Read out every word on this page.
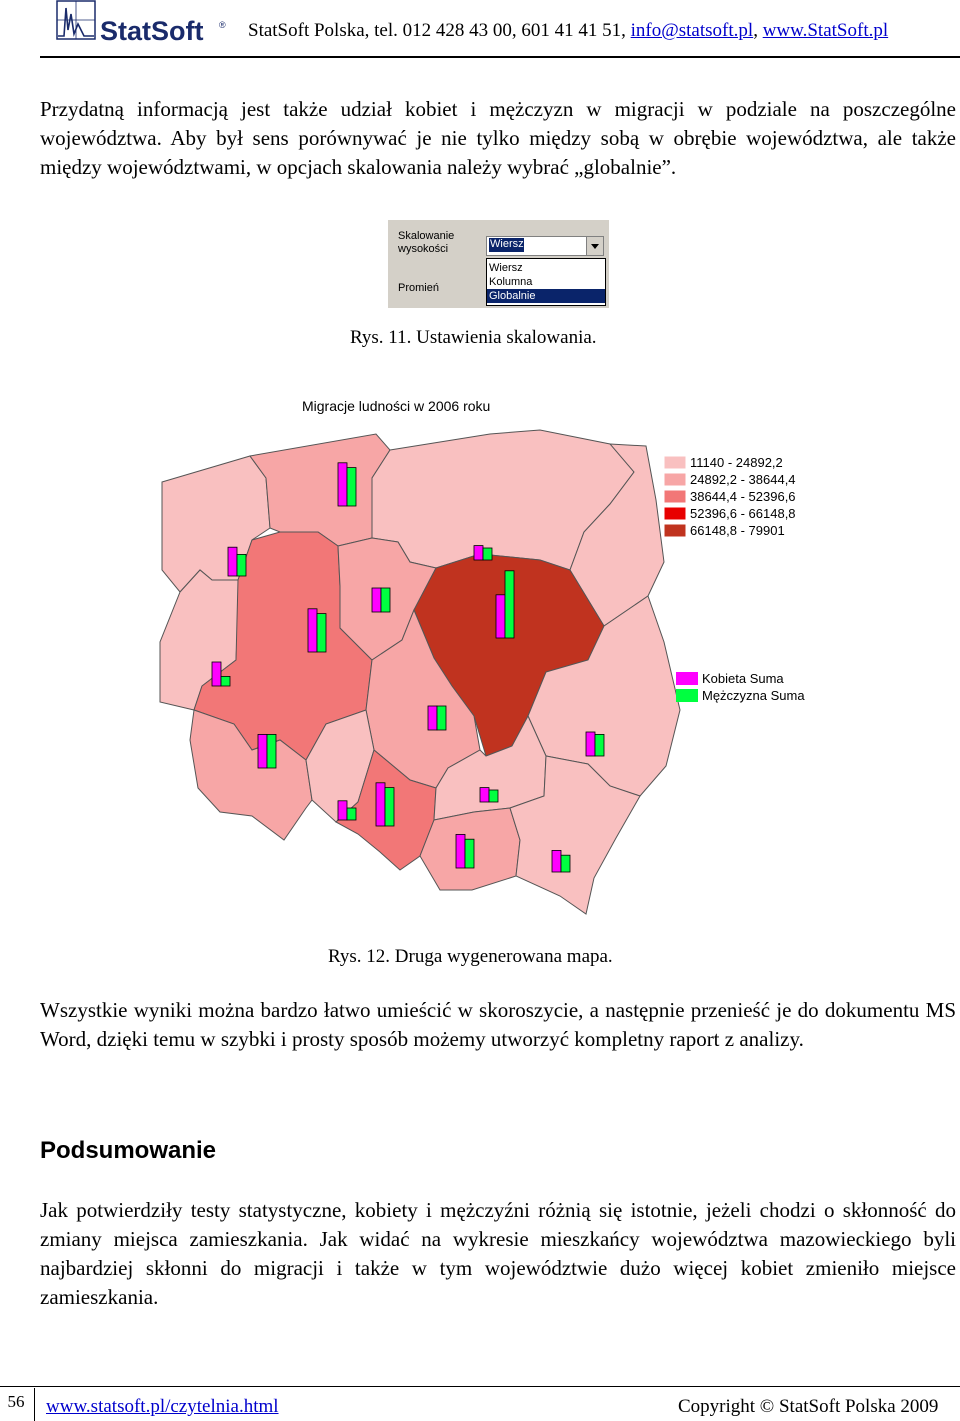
StatSoft ® StatSoft Polska, tel. 012 428 43 00, 601 41 41 51, info@statsoft.pl, www.StatSoft.pl
Przydatną informacją jest także udział kobiet i mężczyzn w migracji w podziale na poszczególne województwa. Aby był sens porównywać je nie tylko między sobą w obrębie województwa, ale także między województwami, w opcjach skalowania należy wybrać „globalnie”.
Skalowanie wysokości
Promień
Wiersz
Wiersz
Kolumna
Globalnie
Rys. 11. Ustawienia skalowania.
Migracje ludności w 2006 roku
11140 - 24892,2
24892,2 - 38644,4
38644,4 - 52396,6
52396,6 - 66148,8
66148,8 - 79901
Kobieta Suma
Mężczyzna Suma
Rys. 12. Druga wygenerowana mapa.
Wszystkie wyniki można bardzo łatwo umieścić w skoroszycie, a następnie przenieść je do dokumentu MS Word, dzięki temu w szybki i prosty sposób możemy utworzyć kompletny raport z analizy.
Podsumowanie
Jak potwierdziły testy statystyczne, kobiety i mężczyźni różnią się istotnie, jeżeli chodzi o skłonność do zmiany miejsca zamieszkania. Jak widać na wykresie mieszkańcy województwa mazowieckiego byli najbardziej skłonni do migracji i także w tym województwie dużo więcej kobiet zmieniło miejsce zamieszkania.
56	www.statsoft.pl/czytelnia.html	Copyright © StatSoft Polska 2009
